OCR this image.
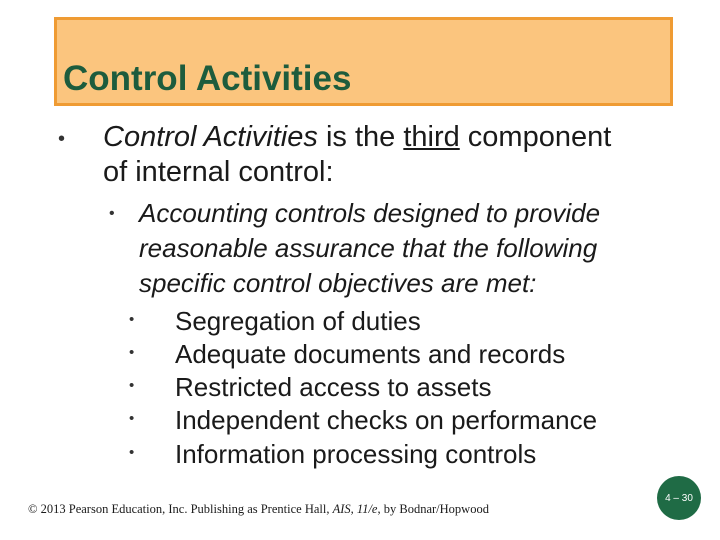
Control Activities
• Control Activities is the third component
of internal control:
• Accounting controls designed to provide
reasonable assurance that the following
specific control objectives are met:
• Segregation of duties
• Adequate documents and records
• Restricted access to assets
• Independent checks on performance
• Information processing controls
© 2013 Pearson Education, Inc. Publishing as Prentice Hall, AIS, 11/e, by Bodnar/Hopwood
4 – 30
